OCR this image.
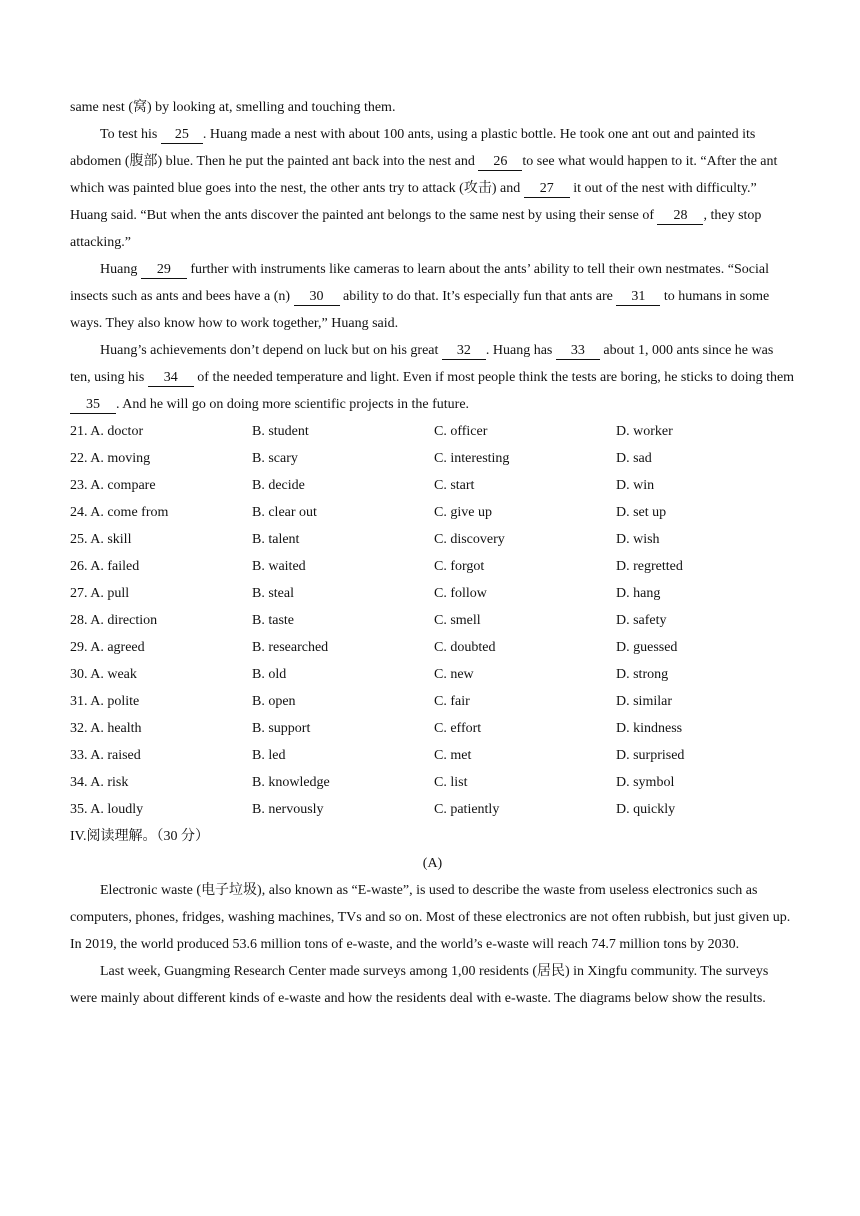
same nest (窝) by looking at, smelling and touching them.

To test his 25 . Huang made a nest with about 100 ants, using a plastic bottle. He took one ant out and painted its abdomen (腹部) blue. Then he put the painted ant back into the nest and 26 to see what would happen to it. “After the ant which was painted blue goes into the nest, the other ants try to attack (攻击) and 27 it out of the nest with difficulty.” Huang said. “But when the ants discover the painted ant belongs to the same nest by using their sense of 28 , they stop attacking.”

Huang 29 further with instruments like cameras to learn about the ants’ ability to tell their own nestmates. “Social insects such as ants and bees have a (n) 30 ability to do that. It’s especially fun that ants are 31 to humans in some ways. They also know how to work together,” Huang said.

Huang’s achievements don’t depend on luck but on his great 32 . Huang has 33 about 1, 000 ants since he was ten, using his 34 of the needed temperature and light. Even if most people think the tests are boring, he sticks to doing them 35 . And he will go on doing more scientific projects in the future.

21. A. doctor	B. student	C. officer	D. worker
22. A. moving	B. scary	C. interesting	D. sad
23. A. compare	B. decide	C. start	D. win
24. A. come from	B. clear out	C. give up	D. set up
25. A. skill	B. talent	C. discovery	D. wish
26. A. failed	B. waited	C. forgot	D. regretted
27. A. pull	B. steal	C. follow	D. hang
28. A. direction	B. taste	C. smell	D. safety
29. A. agreed	B. researched	C. doubted	D. guessed
30. A. weak	B. old	C. new	D. strong
31. A. polite	B. open	C. fair	D. similar
32. A. health	B. support	C. effort	D. kindness
33. A. raised	B. led	C. met	D. surprised
34. A. risk	B. knowledge	C. list	D. symbol
35. A. loudly	B. nervously	C. patiently	D. quickly

IV.阅读理解。（30 分）

(A)

Electronic waste (电子垃圾), also known as “E-waste”, is used to describe the waste from useless electronics such as computers, phones, fridges, washing machines, TVs and so on. Most of these electronics are not often rubbish, but just given up. In 2019, the world produced 53.6 million tons of e-waste, and the world’s e-waste will reach 74.7 million tons by 2030.

Last week, Guangming Research Center made surveys among 1,00 residents (居民) in Xingfu community. The surveys were mainly about different kinds of e-waste and how the residents deal with e-waste. The diagrams below show the results.
